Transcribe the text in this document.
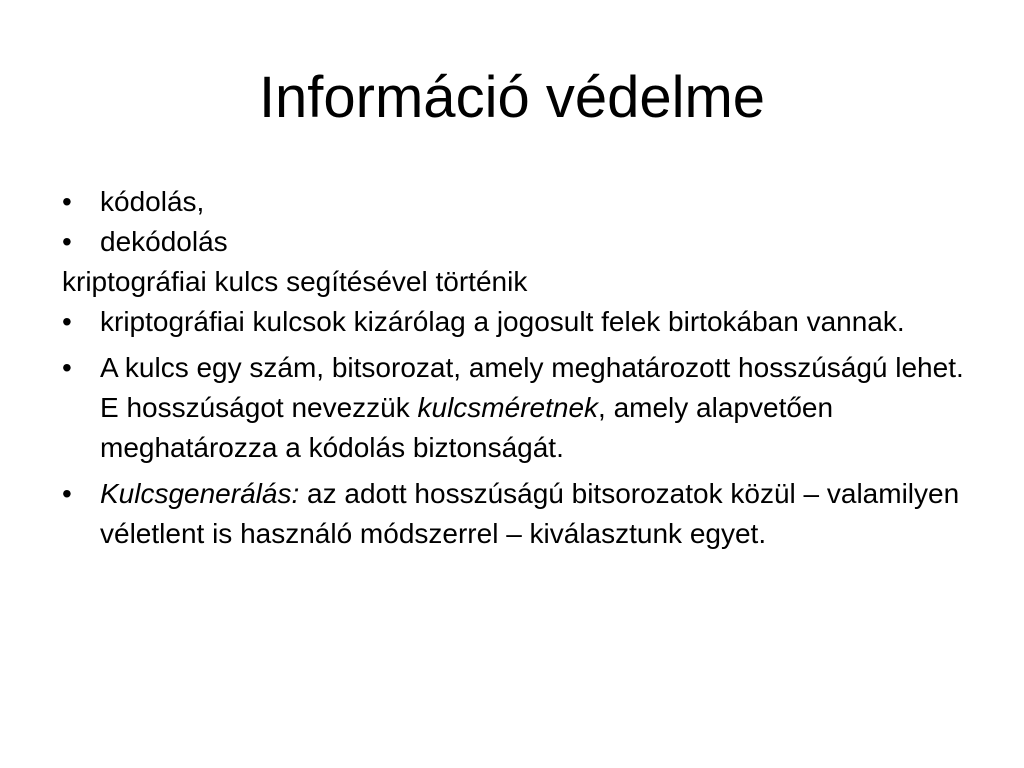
Információ védelme

•	kódolás,

•	dekódolás

kriptográfiai kulcs segítésével történik

•	kriptográfiai kulcsok kizárólag a jogosult felek birtokában vannak.

•	A kulcs egy szám, bitsorozat, amely meghatározott hosszúságú lehet. E hosszúságot nevezzük kulcsméretnek, amely alapvetően meghatározza a kódolás biztonságát.

•	Kulcsgenerálás: az adott hosszúságú bitsorozatok közül – valamilyen véletlent is használó módszerrel – kiválasztunk egyet.
